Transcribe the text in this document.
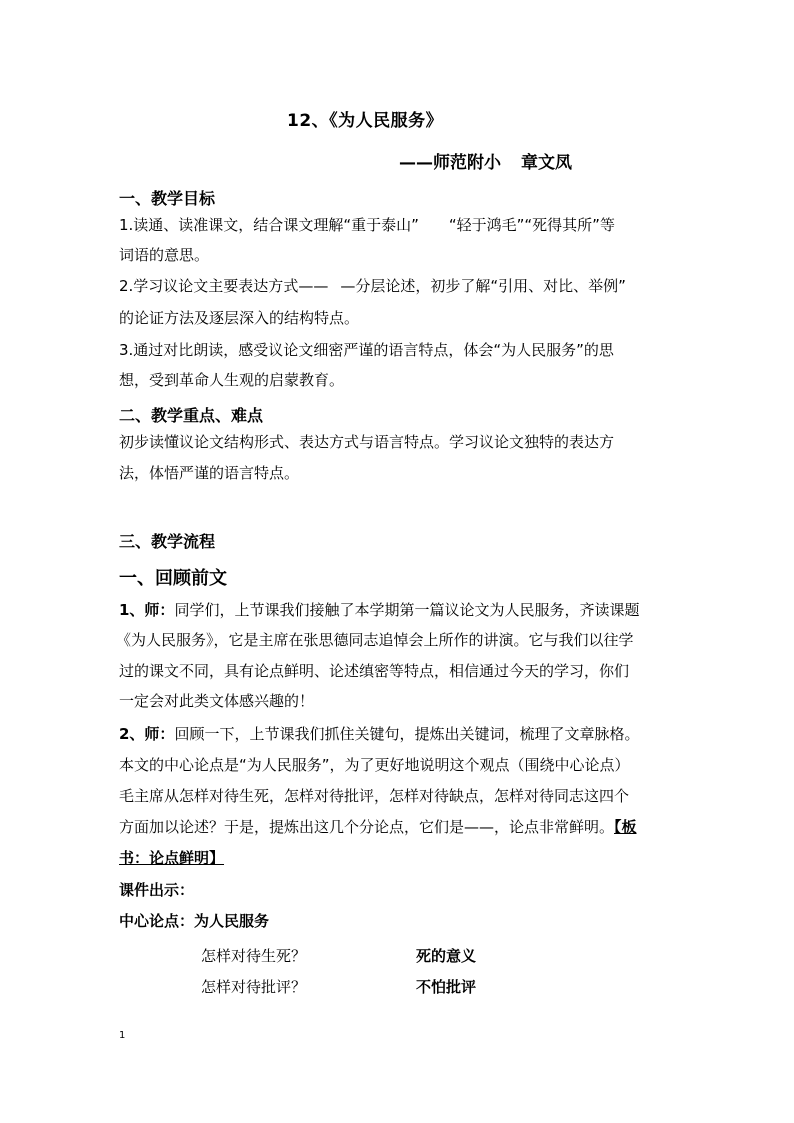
12、《为人民服务》
——师范附小 章文凤
一、教学目标
1.读通、读准课文，结合课文理解“重于泰山” “轻于鸿毛”“死得其所”等
词语的意思。
2.学习议论文主要表达方式—— —分层论述，初步了解“引用、对比、举例”
的论证方法及逐层深入的结构特点。
3.通过对比朗读，感受议论文细密严谨的语言特点，体会“为人民服务”的思
想，受到革命人生观的启蒙教育。
二、教学重点、难点
初步读懂议论文结构形式、表达方式与语言特点。学习议论文独特的表达方
法，体悟严谨的语言特点。
三、教学流程
一、回顾前文
1、师：同学们，上节课我们接触了本学期第一篇议论文为人民服务，齐读课题
《为人民服务》，它是主席在张思德同志追悼会上所作的讲演。它与我们以往学
过的课文不同，具有论点鲜明、论述缜密等特点，相信通过今天的学习，你们
一定会对此类文体感兴趣的！
2、师：回顾一下，上节课我们抓住关键句，提炼出关键词，梳理了文章脉格。
本文的中心论点是“为人民服务”，为了更好地说明这个观点（围绕中心论点）
毛主席从怎样对待生死，怎样对待批评，怎样对待缺点，怎样对待同志这四个
方面加以论述？于是，提炼出这几个分论点，它们是——，论点非常鲜明。【板
书：论点鲜明】
课件出示：
中心论点：为人民服务
怎样对待生死？	死的意义
怎样对待批评？	不怕批评
1
